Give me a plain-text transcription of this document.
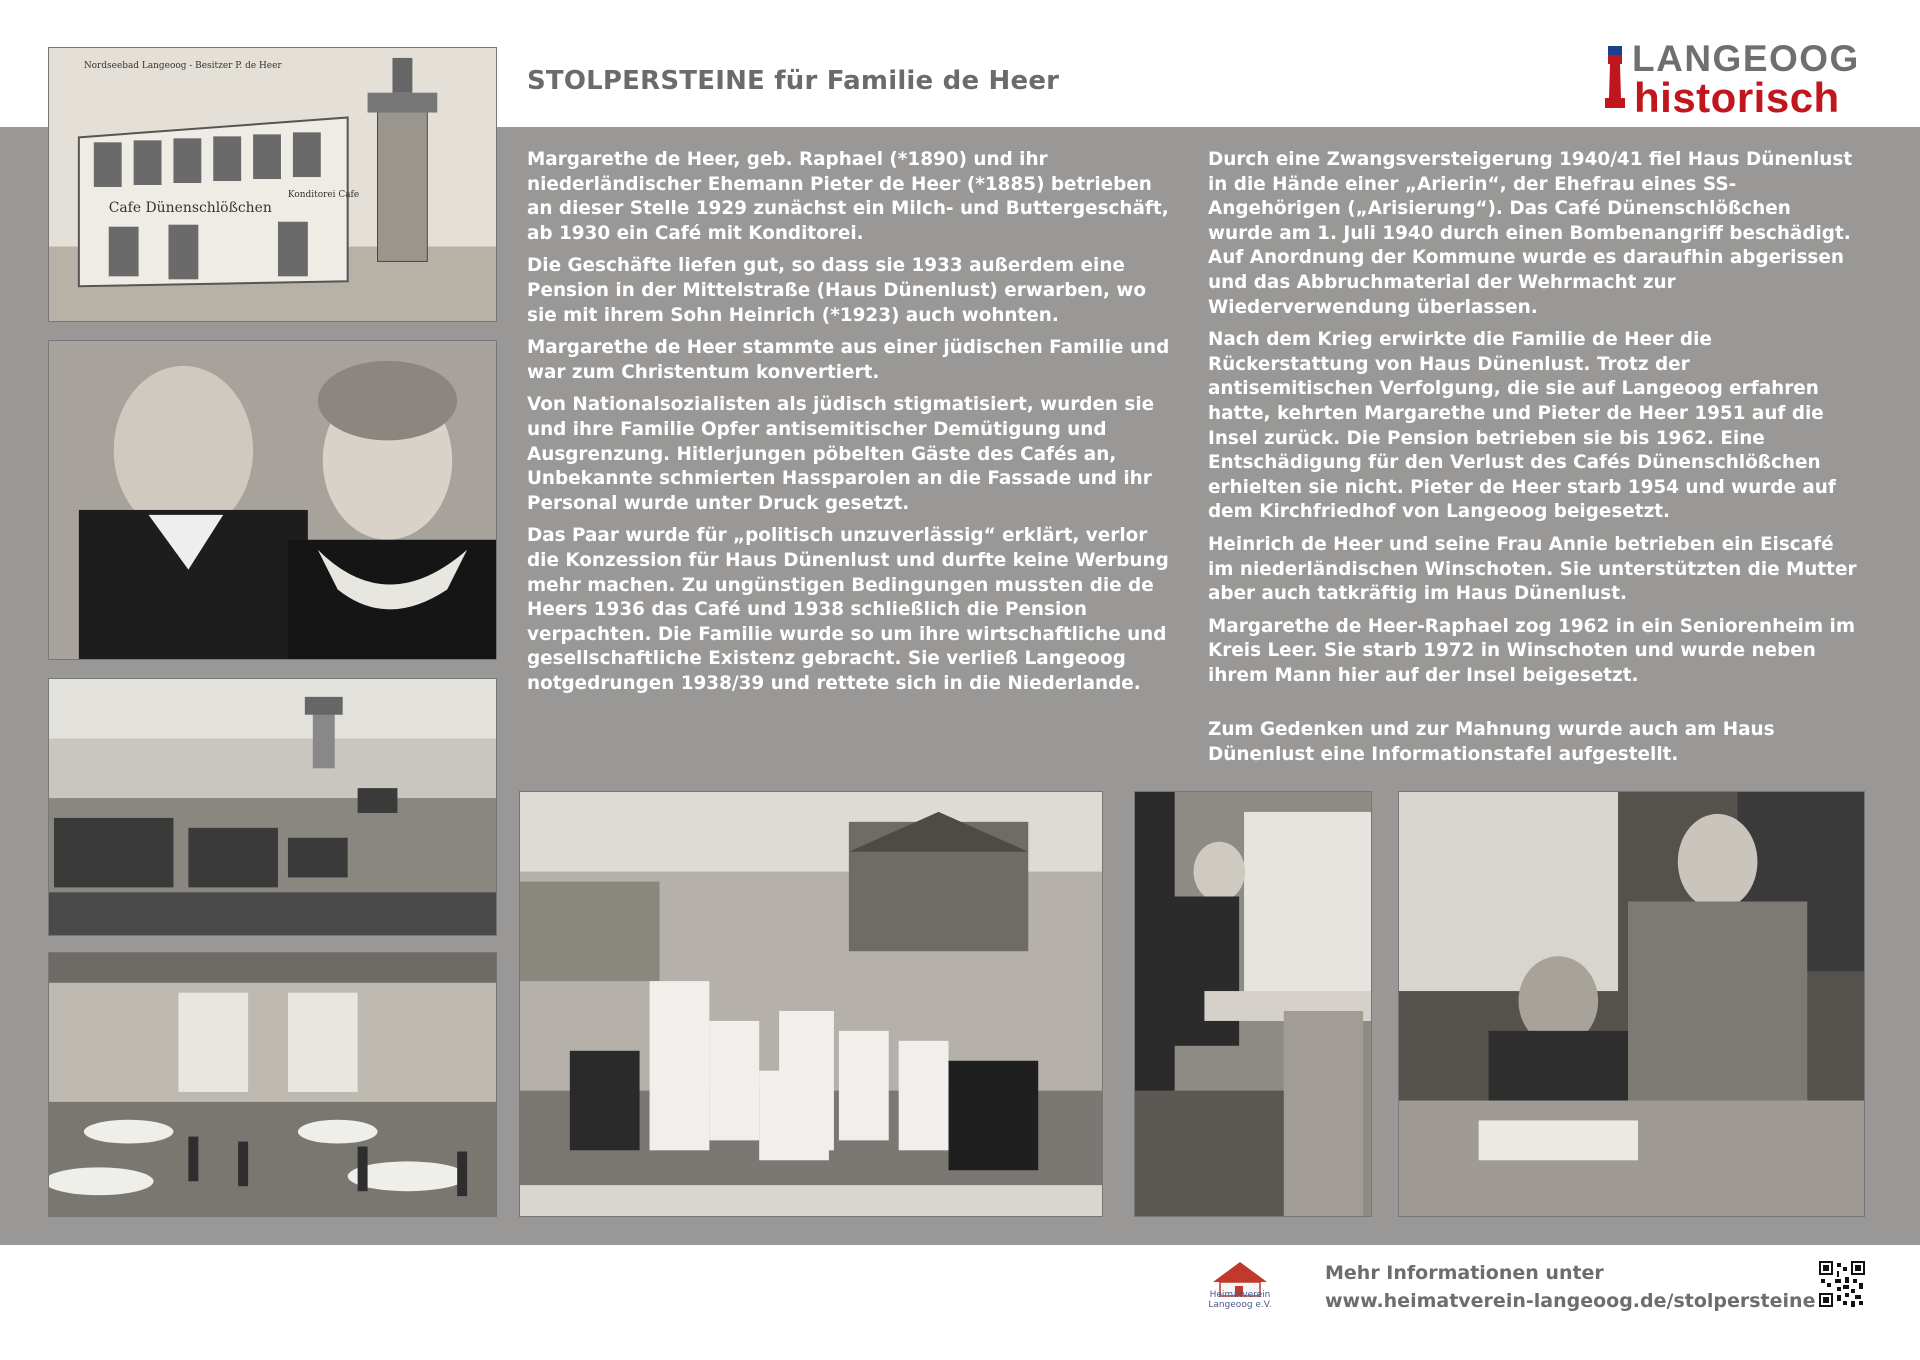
STOLPERSTEINE für Familie de Heer
LANGEOOG
historisch
Nordseebad Langeoog - Besitzer P. de Heer
Cafe Dünenschlößchen
Konditorei Cafe

Margarethe de Heer, geb. Raphael (*1890) und ihr niederländischer Ehemann Pieter de Heer (*1885) betrieben an dieser Stelle 1929 zunächst ein Milch- und Buttergeschäft, ab 1930 ein Café mit Konditorei.

Die Geschäfte liefen gut, so dass sie 1933 außerdem eine Pension in der Mittelstraße (Haus Dünenlust) erwarben, wo sie mit ihrem Sohn Heinrich (*1923) auch wohnten.

Margarethe de Heer stammte aus einer jüdischen Familie und war zum Christentum konvertiert.

Von Nationalsozialisten als jüdisch stigmatisiert, wurden sie und ihre Familie Opfer antisemitischer Demütigung und Ausgrenzung. Hitlerjungen pöbelten Gäste des Cafés an, Unbekannte schmierten Hassparolen an die Fassade und ihr Personal wurde unter Druck gesetzt.

Das Paar wurde für „politisch unzuverlässig“ erklärt, verlor die Konzession für Haus Dünenlust und durfte keine Werbung mehr machen. Zu ungünstigen Bedingungen mussten die de Heers 1936 das Café und 1938 schließlich die Pension verpachten. Die Familie wurde so um ihre wirtschaftliche und gesellschaftliche Existenz gebracht. Sie verließ Langeoog notgedrungen 1938/39 und rettete sich in die Niederlande.

Durch eine Zwangsversteigerung 1940/41 fiel Haus Dünenlust in die Hände einer „Arierin“, der Ehefrau eines SS-Angehörigen („Arisierung“). Das Café Dünenschlößchen wurde am 1. Juli 1940 durch einen Bombenangriff beschädigt. Auf Anordnung der Kommune wurde es daraufhin abgerissen und das Abbruchmaterial der Wehrmacht zur Wiederverwendung überlassen.

Nach dem Krieg erwirkte die Familie de Heer die Rückerstattung von Haus Dünenlust. Trotz der antisemitischen Verfolgung, die sie auf Langeoog erfahren hatte, kehrten Margarethe und Pieter de Heer 1951 auf die Insel zurück. Die Pension betrieben sie bis 1962. Eine Entschädigung für den Verlust des Cafés Dünenschlößchen erhielten sie nicht. Pieter de Heer starb 1954 und wurde auf dem Kirchfriedhof von Langeoog beigesetzt.

Heinrich de Heer und seine Frau Annie betrieben ein Eiscafé im niederländischen Winschoten. Sie unterstützten die Mutter aber auch tatkräftig im Haus Dünenlust.

Margarethe de Heer-Raphael zog 1962 in ein Seniorenheim im Kreis Leer. Sie starb 1972 in Winschoten und wurde neben ihrem Mann hier auf der Insel beigesetzt.

Zum Gedenken und zur Mahnung wurde auch am Haus Dünenlust eine Informationstafel aufgestellt.

Heimatverein Langeoog e.V.
Mehr Informationen unter
www.heimatverein-langeoog.de/stolpersteine
